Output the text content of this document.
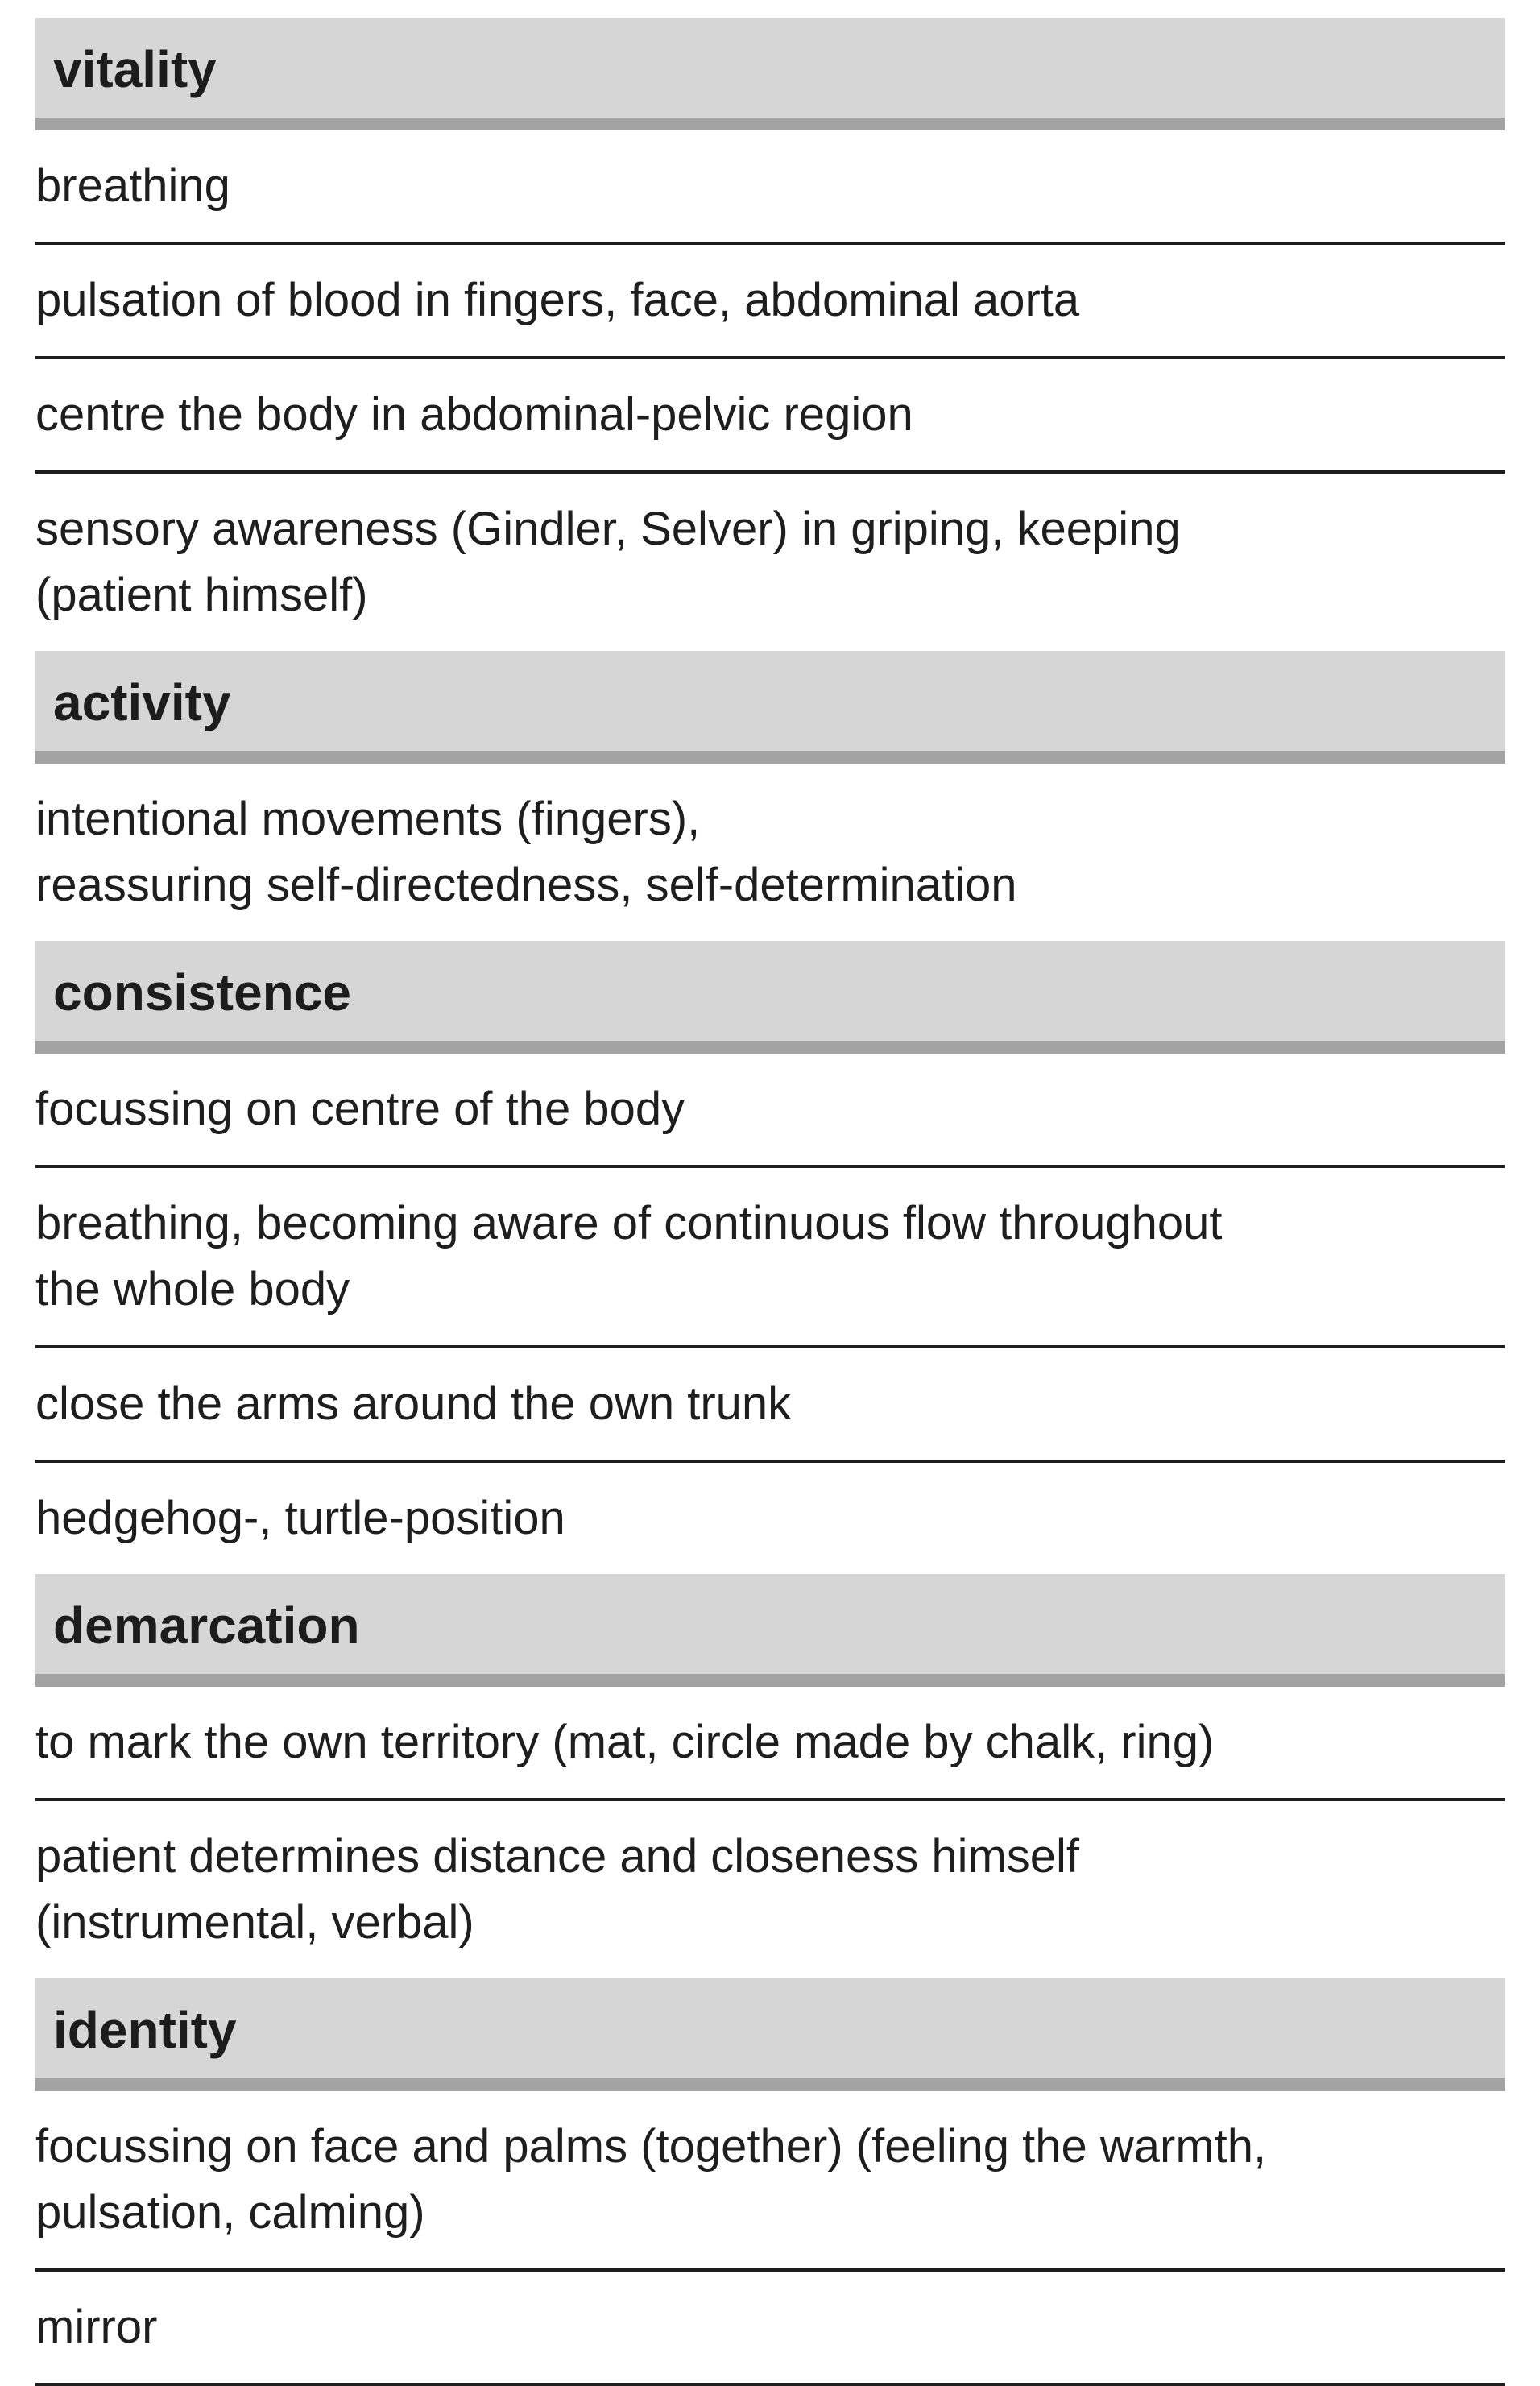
vitality
breathing
pulsation of blood in fingers, face, abdominal aorta
centre the body in abdominal-pelvic region
sensory awareness (Gindler, Selver) in griping, keeping
(patient himself)
activity
intentional movements (fingers),
reassuring self-directedness, self-determination
consistence
focussing on centre of the body
breathing, becoming aware of continuous flow throughout
the whole body
close the arms around the own trunk
hedgehog-, turtle-position
demarcation
to mark the own territory (mat, circle made by chalk, ring)
patient determines distance and closeness himself
(instrumental, verbal)
identity
focussing on face and palms (together) (feeling the warmth,
pulsation, calming)
mirror
